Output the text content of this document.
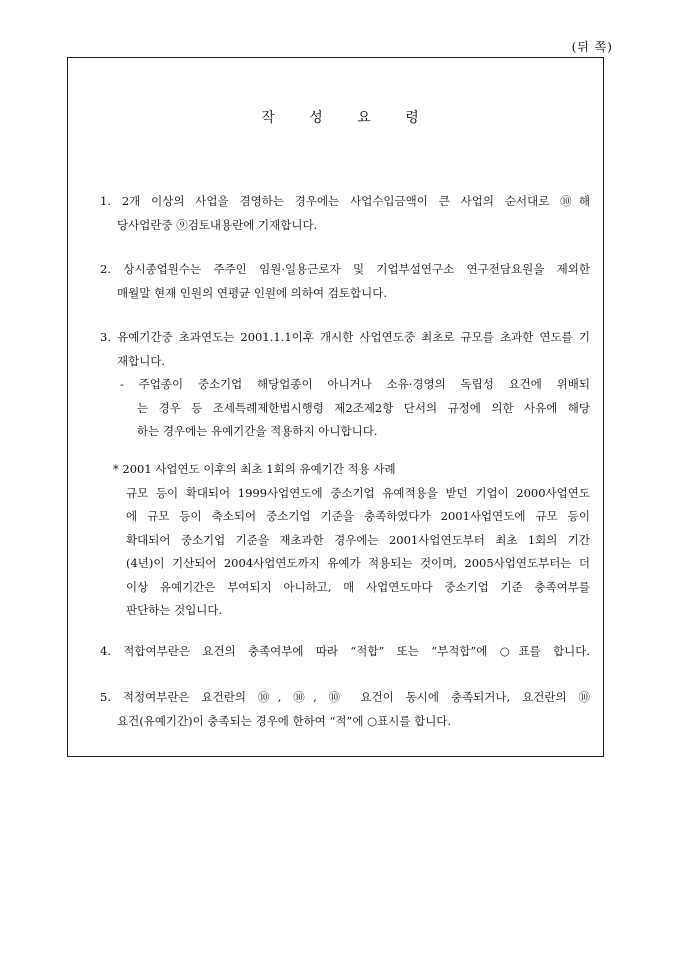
(뒤 쪽)
작 성 요 령
1. 2개 이상의 사업을 겸영하는 경우에는 사업수입금액이 큰 사업의 순서대로 ⑩해
당사업란중 ⑨검토내용란에 기재합니다.
2. 상시종업원수는 주주인 임원·일용근로자 및 기업부설연구소 연구전담요원을 제외한
매월말 현재 인원의 연평균 인원에 의하여 검토합니다.
3. 유예기간중 초과연도는 2001.1.1이후 개시한 사업연도중 최초로 규모를 초과한 연도를 기
재합니다.
- 주업종이 중소기업 해당업종이 아니거나 소유·경영의 독립성 요건에 위배되
는 경우 등 조세특례제한법시행령 제2조제2항 단서의 규정에 의한 사유에 해당
하는 경우에는 유예기간을 적용하지 아니합니다.
* 2001 사업연도 이후의 최초 1회의 유예기간 적용 사례
규모 등이 확대되어 1999사업연도에 중소기업 유예적용을 받던 기업이 2000사업연도
에 규모 등이 축소되어 중소기업 기준을 충족하였다가 2001사업연도에 규모 등이
확대되어 중소기업 기준을 재초과한 경우에는 2001사업연도부터 최초 1회의 기간
(4년)이 기산되어 2004사업연도까지 유예가 적용되는 것이며, 2005사업연도부터는 더
이상 유예기간은 부여되지 아니하고, 매 사업연도마다 중소기업 기준 충족여부를
판단하는 것입니다.
4. 적합여부란은 요건의 충족여부에 따라 “적합” 또는 “부적합”에 ○표를 합니다.
5. 적정여부란은 요건란의 ⑩, ⑩, ⑩ 요건이 동시에 충족되거나, 요건란의 ⑩
요건(유예기간)이 충족되는 경우에 한하여 “적”에 ○표시를 합니다.
